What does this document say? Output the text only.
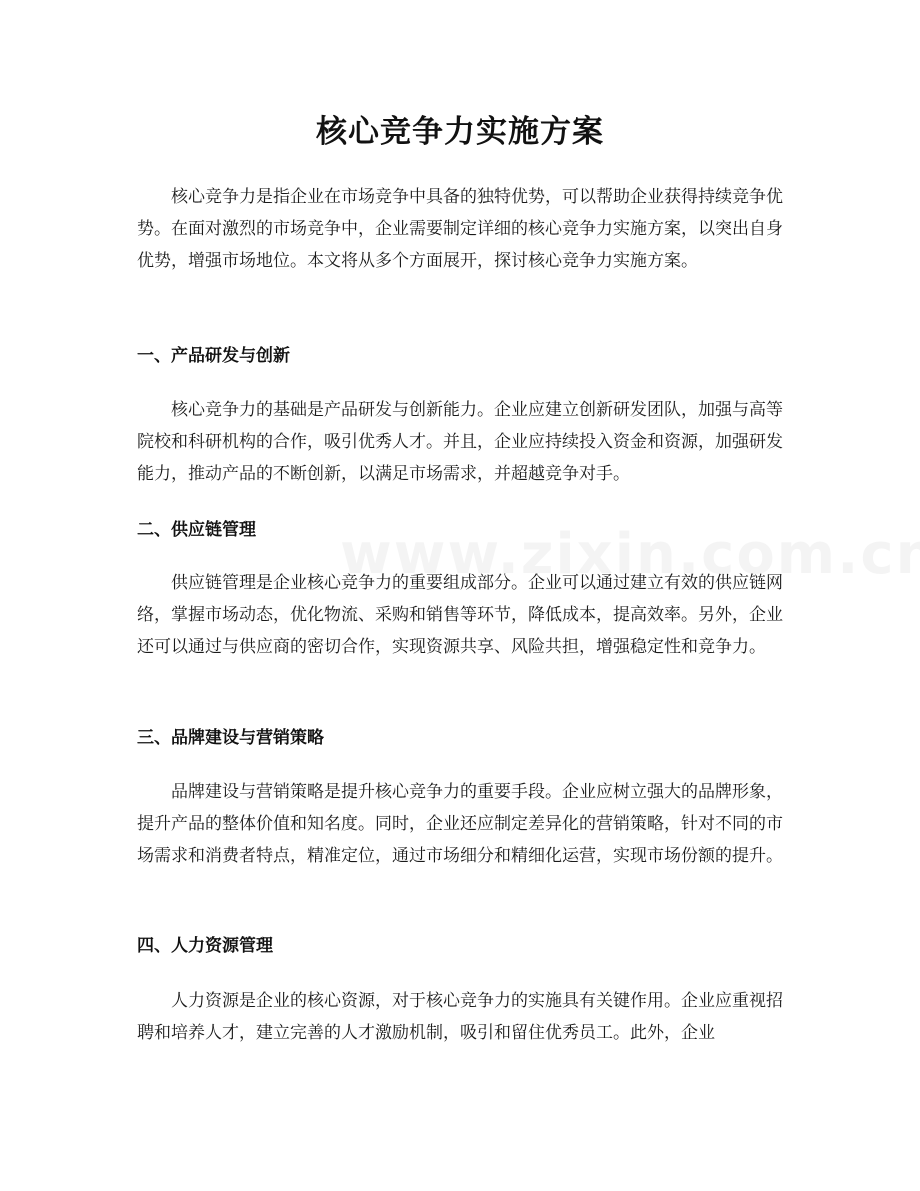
核心竞争力实施方案

核心竞争力是指企业在市场竞争中具备的独特优势，可以帮助企业获得持续竞争优势。在面对激烈的市场竞争中，企业需要制定详细的核心竞争力实施方案，以突出自身优势，增强市场地位。本文将从多个方面展开，探讨核心竞争力实施方案。

一、产品研发与创新

核心竞争力的基础是产品研发与创新能力。企业应建立创新研发团队，加强与高等院校和科研机构的合作，吸引优秀人才。并且，企业应持续投入资金和资源，加强研发能力，推动产品的不断创新，以满足市场需求，并超越竞争对手。

二、供应链管理

供应链管理是企业核心竞争力的重要组成部分。企业可以通过建立有效的供应链网络，掌握市场动态，优化物流、采购和销售等环节，降低成本，提高效率。另外，企业还可以通过与供应商的密切合作，实现资源共享、风险共担，增强稳定性和竞争力。

三、品牌建设与营销策略

品牌建设与营销策略是提升核心竞争力的重要手段。企业应树立强大的品牌形象，提升产品的整体价值和知名度。同时，企业还应制定差异化的营销策略，针对不同的市场需求和消费者特点，精准定位，通过市场细分和精细化运营，实现市场份额的提升。

四、人力资源管理

人力资源是企业的核心资源，对于核心竞争力的实施具有关键作用。企业应重视招聘和培养人才，建立完善的人才激励机制，吸引和留住优秀员工。此外，企业
